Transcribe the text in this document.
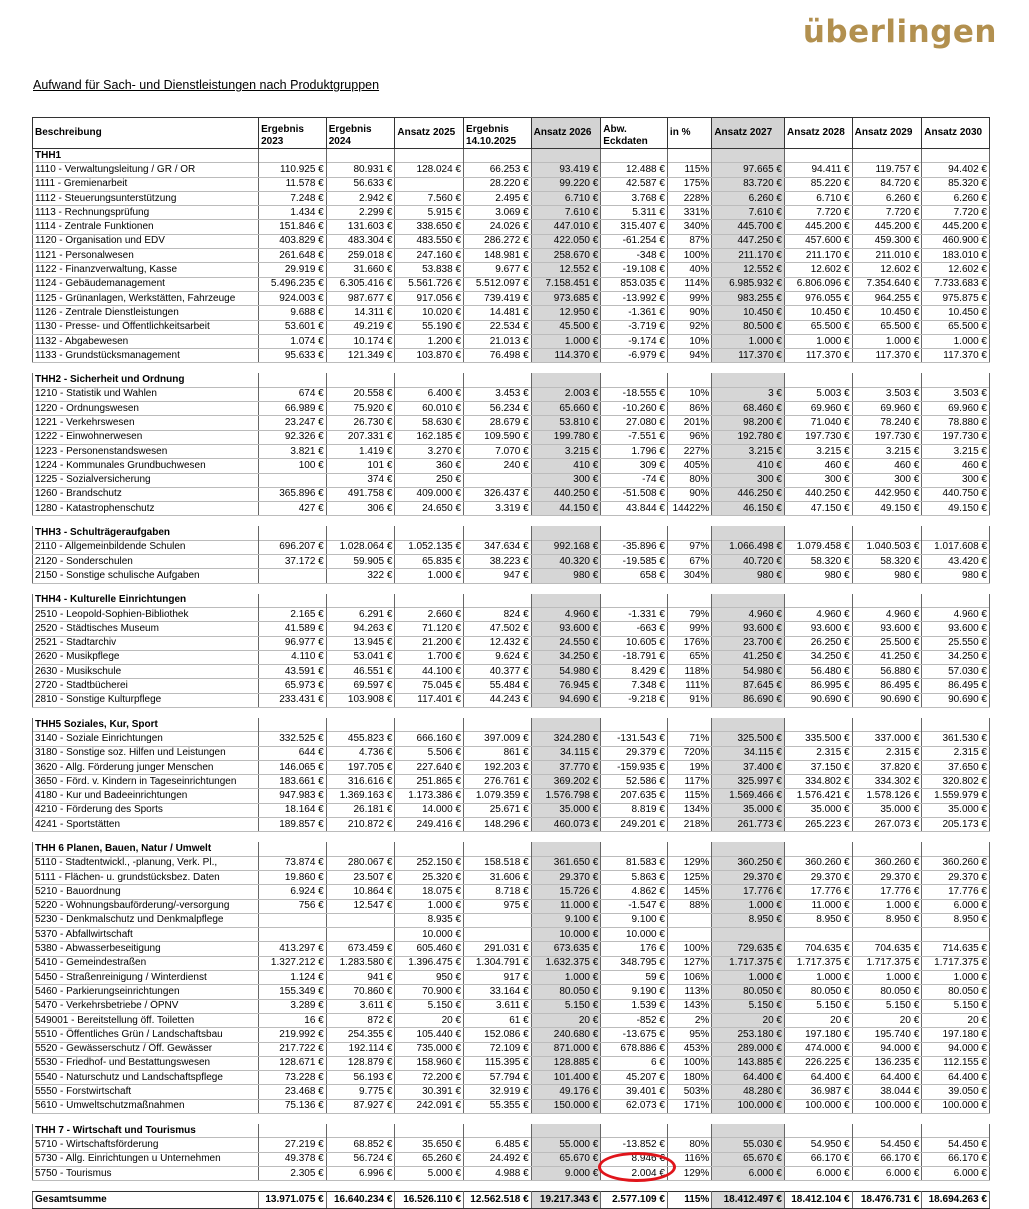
überlingen
Aufwand für Sach- und Dienstleistungen nach Produktgruppen
Beschreibung	Ergebnis 2023	Ergebnis 2024	Ansatz 2025	Ergebnis 14.10.2025	Ansatz 2026	Abw. Eckdaten	in %	Ansatz 2027	Ansatz 2028	Ansatz 2029	Ansatz 2030
THH1											
1110 - Verwaltungsleitung / GR / OR	110.925 €	80.931 €	128.024 €	66.253 €	93.419 €	12.488 €	115%	97.665 €	94.411 €	119.757 €	94.402 €
1111 - Gremienarbeit	11.578 €	56.633 €		28.220 €	99.220 €	42.587 €	175%	83.720 €	85.220 €	84.720 €	85.320 €
1112 - Steuerungsunterstützung	7.248 €	2.942 €	7.560 €	2.495 €	6.710 €	3.768 €	228%	6.260 €	6.710 €	6.260 €	6.260 €
1113 - Rechnungsprüfung	1.434 €	2.299 €	5.915 €	3.069 €	7.610 €	5.311 €	331%	7.610 €	7.720 €	7.720 €	7.720 €
1114 - Zentrale Funktionen	151.846 €	131.603 €	338.650 €	24.026 €	447.010 €	315.407 €	340%	445.700 €	445.200 €	445.200 €	445.200 €
1120 - Organisation und EDV	403.829 €	483.304 €	483.550 €	286.272 €	422.050 €	-61.254 €	87%	447.250 €	457.600 €	459.300 €	460.900 €
1121 - Personalwesen	261.648 €	259.018 €	247.160 €	148.981 €	258.670 €	-348 €	100%	211.170 €	211.170 €	211.010 €	183.010 €
1122 - Finanzverwaltung, Kasse	29.919 €	31.660 €	53.838 €	9.677 €	12.552 €	-19.108 €	40%	12.552 €	12.602 €	12.602 €	12.602 €
1124 - Gebäudemanagement	5.496.235 €	6.305.416 €	5.561.726 €	5.512.097 €	7.158.451 €	853.035 €	114%	6.985.932 €	6.806.096 €	7.354.640 €	7.733.683 €
1125 - Grünanlagen, Werkstätten, Fahrzeuge	924.003 €	987.677 €	917.056 €	739.419 €	973.685 €	-13.992 €	99%	983.255 €	976.055 €	964.255 €	975.875 €
1126 - Zentrale Dienstleistungen	9.688 €	14.311 €	10.020 €	14.481 €	12.950 €	-1.361 €	90%	10.450 €	10.450 €	10.450 €	10.450 €
1130 - Presse- und Öffentlichkeitsarbeit	53.601 €	49.219 €	55.190 €	22.534 €	45.500 €	-3.719 €	92%	80.500 €	65.500 €	65.500 €	65.500 €
1132 - Abgabewesen	1.074 €	10.174 €	1.200 €	21.013 €	1.000 €	-9.174 €	10%	1.000 €	1.000 €	1.000 €	1.000 €
1133 - Grundstücksmanagement	95.633 €	121.349 €	103.870 €	76.498 €	114.370 €	-6.979 €	94%	117.370 €	117.370 €	117.370 €	117.370 €

THH2 - Sicherheit und Ordnung											
1210 - Statistik und Wahlen	674 €	20.558 €	6.400 €	3.453 €	2.003 €	-18.555 €	10%	3 €	5.003 €	3.503 €	3.503 €
1220 - Ordnungswesen	66.989 €	75.920 €	60.010 €	56.234 €	65.660 €	-10.260 €	86%	68.460 €	69.960 €	69.960 €	69.960 €
1221 - Verkehrswesen	23.247 €	26.730 €	58.630 €	28.679 €	53.810 €	27.080 €	201%	98.200 €	71.040 €	78.240 €	78.880 €
1222 - Einwohnerwesen	92.326 €	207.331 €	162.185 €	109.590 €	199.780 €	-7.551 €	96%	192.780 €	197.730 €	197.730 €	197.730 €
1223 - Personenstandswesen	3.821 €	1.419 €	3.270 €	7.070 €	3.215 €	1.796 €	227%	3.215 €	3.215 €	3.215 €	3.215 €
1224 - Kommunales Grundbuchwesen	100 €	101 €	360 €	240 €	410 €	309 €	405%	410 €	460 €	460 €	460 €
1225 - Sozialversicherung		374 €	250 €		300 €	-74 €	80%	300 €	300 €	300 €	300 €
1260 - Brandschutz	365.896 €	491.758 €	409.000 €	326.437 €	440.250 €	-51.508 €	90%	446.250 €	440.250 €	442.950 €	440.750 €
1280 - Katastrophenschutz	427 €	306 €	24.650 €	3.319 €	44.150 €	43.844 €	14422%	46.150 €	47.150 €	49.150 €	49.150 €

THH3 - Schulträgeraufgaben											
2110 - Allgemeinbildende Schulen	696.207 €	1.028.064 €	1.052.135 €	347.634 €	992.168 €	-35.896 €	97%	1.066.498 €	1.079.458 €	1.040.503 €	1.017.608 €
2120 - Sonderschulen	37.172 €	59.905 €	65.835 €	38.223 €	40.320 €	-19.585 €	67%	40.720 €	58.320 €	58.320 €	43.420 €
2150 - Sonstige schulische Aufgaben		322 €	1.000 €	947 €	980 €	658 €	304%	980 €	980 €	980 €	980 €

THH4 - Kulturelle Einrichtungen											
2510 - Leopold-Sophien-Bibliothek	2.165 €	6.291 €	2.660 €	824 €	4.960 €	-1.331 €	79%	4.960 €	4.960 €	4.960 €	4.960 €
2520 - Städtisches Museum	41.589 €	94.263 €	71.120 €	47.502 €	93.600 €	-663 €	99%	93.600 €	93.600 €	93.600 €	93.600 €
2521 - Stadtarchiv	96.977 €	13.945 €	21.200 €	12.432 €	24.550 €	10.605 €	176%	23.700 €	26.250 €	25.500 €	25.550 €
2620 - Musikpflege	4.110 €	53.041 €	1.700 €	9.624 €	34.250 €	-18.791 €	65%	41.250 €	34.250 €	41.250 €	34.250 €
2630 - Musikschule	43.591 €	46.551 €	44.100 €	40.377 €	54.980 €	8.429 €	118%	54.980 €	56.480 €	56.880 €	57.030 €
2720 - Stadtbücherei	65.973 €	69.597 €	75.045 €	55.484 €	76.945 €	7.348 €	111%	87.645 €	86.995 €	86.495 €	86.495 €
2810 - Sonstige Kulturpflege	233.431 €	103.908 €	117.401 €	44.243 €	94.690 €	-9.218 €	91%	86.690 €	90.690 €	90.690 €	90.690 €

THH5 Soziales, Kur, Sport											
3140 - Soziale Einrichtungen	332.525 €	455.823 €	666.160 €	397.009 €	324.280 €	-131.543 €	71%	325.500 €	335.500 €	337.000 €	361.530 €
3180 - Sonstige soz. Hilfen und Leistungen	644 €	4.736 €	5.506 €	861 €	34.115 €	29.379 €	720%	34.115 €	2.315 €	2.315 €	2.315 €
3620 - Allg. Förderung junger Menschen	146.065 €	197.705 €	227.640 €	192.203 €	37.770 €	-159.935 €	19%	37.400 €	37.150 €	37.820 €	37.650 €
3650 - Förd. v. Kindern in Tageseinrichtungen	183.661 €	316.616 €	251.865 €	276.761 €	369.202 €	52.586 €	117%	325.997 €	334.802 €	334.302 €	320.802 €
4180 - Kur und Badeeinrichtungen	947.983 €	1.369.163 €	1.173.386 €	1.079.359 €	1.576.798 €	207.635 €	115%	1.569.466 €	1.576.421 €	1.578.126 €	1.559.979 €
4210 - Förderung des Sports	18.164 €	26.181 €	14.000 €	25.671 €	35.000 €	8.819 €	134%	35.000 €	35.000 €	35.000 €	35.000 €
4241 - Sportstätten	189.857 €	210.872 €	249.416 €	148.296 €	460.073 €	249.201 €	218%	261.773 €	265.223 €	267.073 €	205.173 €

THH 6 Planen, Bauen, Natur / Umwelt											
5110 - Stadtentwickl., -planung, Verk. Pl.,	73.874 €	280.067 €	252.150 €	158.518 €	361.650 €	81.583 €	129%	360.250 €	360.260 €	360.260 €	360.260 €
5111 - Flächen- u. grundstücksbez. Daten	19.860 €	23.507 €	25.320 €	31.606 €	29.370 €	5.863 €	125%	29.370 €	29.370 €	29.370 €	29.370 €
5210 - Bauordnung	6.924 €	10.864 €	18.075 €	8.718 €	15.726 €	4.862 €	145%	17.776 €	17.776 €	17.776 €	17.776 €
5220 - Wohnungsbauförderung/-versorgung	756 €	12.547 €	1.000 €	975 €	11.000 €	-1.547 €	88%	1.000 €	11.000 €	1.000 €	6.000 €
5230 - Denkmalschutz und Denkmalpflege			8.935 €		9.100 €	9.100 €		8.950 €	8.950 €	8.950 €	8.950 €
5370 - Abfallwirtschaft			10.000 €		10.000 €	10.000 €					
5380 - Abwasserbeseitigung	413.297 €	673.459 €	605.460 €	291.031 €	673.635 €	176 €	100%	729.635 €	704.635 €	704.635 €	714.635 €
5410 - Gemeindestraßen	1.327.212 €	1.283.580 €	1.396.475 €	1.304.791 €	1.632.375 €	348.795 €	127%	1.717.375 €	1.717.375 €	1.717.375 €	1.717.375 €
5450 - Straßenreinigung / Winterdienst	1.124 €	941 €	950 €	917 €	1.000 €	59 €	106%	1.000 €	1.000 €	1.000 €	1.000 €
5460 - Parkierungseinrichtungen	155.349 €	70.860 €	70.900 €	33.164 €	80.050 €	9.190 €	113%	80.050 €	80.050 €	80.050 €	80.050 €
5470 - Verkehrsbetriebe / ÖPNV	3.289 €	3.611 €	5.150 €	3.611 €	5.150 €	1.539 €	143%	5.150 €	5.150 €	5.150 €	5.150 €
549001 - Bereitstellung öff. Toiletten	16 €	872 €	20 €	61 €	20 €	-852 €	2%	20 €	20 €	20 €	20 €
5510 - Öffentliches Grün / Landschaftsbau	219.992 €	254.355 €	105.440 €	152.086 €	240.680 €	-13.675 €	95%	253.180 €	197.180 €	195.740 €	197.180 €
5520 - Gewässerschutz / Öff. Gewässer	217.722 €	192.114 €	735.000 €	72.109 €	871.000 €	678.886 €	453%	289.000 €	474.000 €	94.000 €	94.000 €
5530 - Friedhof- und Bestattungswesen	128.671 €	128.879 €	158.960 €	115.395 €	128.885 €	6 €	100%	143.885 €	226.225 €	136.235 €	112.155 €
5540 - Naturschutz und Landschaftspflege	73.228 €	56.193 €	72.200 €	57.794 €	101.400 €	45.207 €	180%	64.400 €	64.400 €	64.400 €	64.400 €
5550 - Forstwirtschaft	23.468 €	9.775 €	30.391 €	32.919 €	49.176 €	39.401 €	503%	48.280 €	36.987 €	38.044 €	39.050 €
5610 - Umweltschutzmaßnahmen	75.136 €	87.927 €	242.091 €	55.355 €	150.000 €	62.073 €	171%	100.000 €	100.000 €	100.000 €	100.000 €

THH 7 - Wirtschaft und Tourismus											
5710 - Wirtschaftsförderung	27.219 €	68.852 €	35.650 €	6.485 €	55.000 €	-13.852 €	80%	55.030 €	54.950 €	54.450 €	54.450 €
5730 - Allg. Einrichtungen u Unternehmen	49.378 €	56.724 €	65.260 €	24.492 €	65.670 €	8.946 €	116%	65.670 €	66.170 €	66.170 €	66.170 €
5750 - Tourismus	2.305 €	6.996 €	5.000 €	4.988 €	9.000 €	2.004 €	129%	6.000 €	6.000 €	6.000 €	6.000 €

Gesamtsumme	13.971.075 €	16.640.234 €	16.526.110 €	12.562.518 €	19.217.343 €	2.577.109 €	115%	18.412.497 €	18.412.104 €	18.476.731 €	18.694.263 €
